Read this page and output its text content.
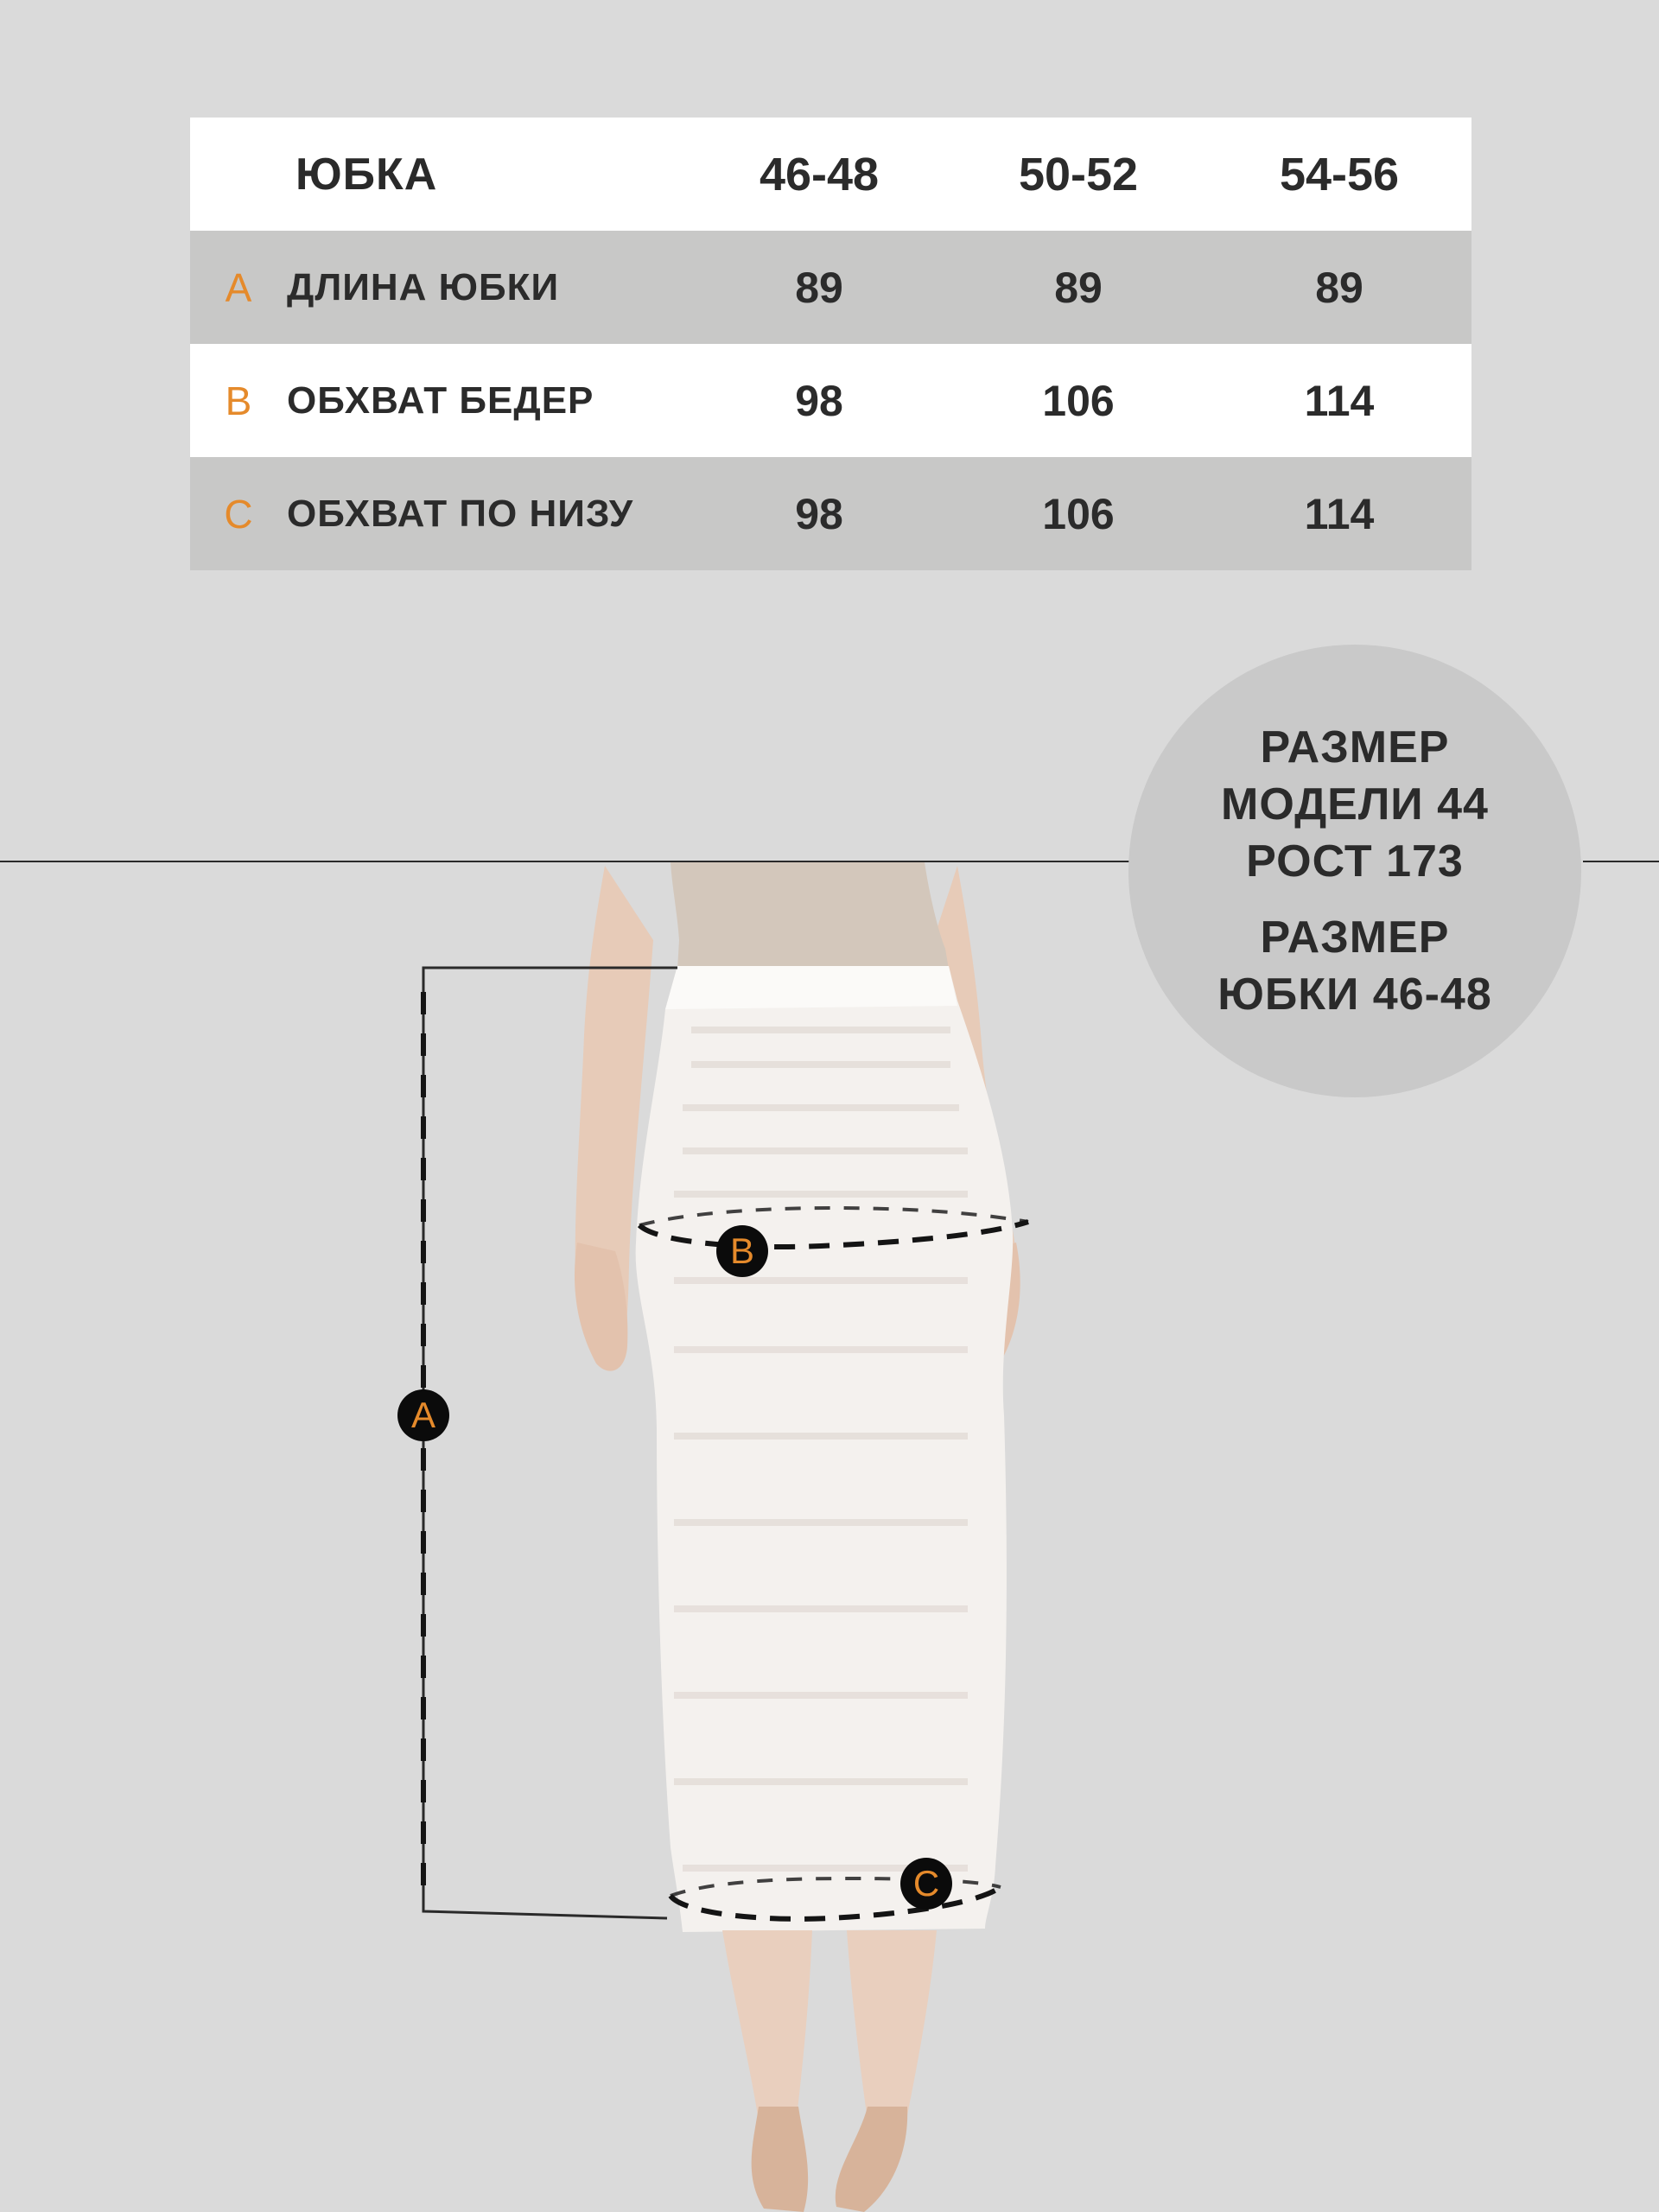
ЮБКА	46-48	50-52	54-56
A ДЛИНА ЮБКИ	89	89	89
B ОБХВАТ БЕДЕР	98	106	114
C ОБХВАТ ПО НИЗУ	98	106	114
A
B
C
РАЗМЕР
МОДЕЛИ 44
РОСТ 173
РАЗМЕР
ЮБКИ 46-48
